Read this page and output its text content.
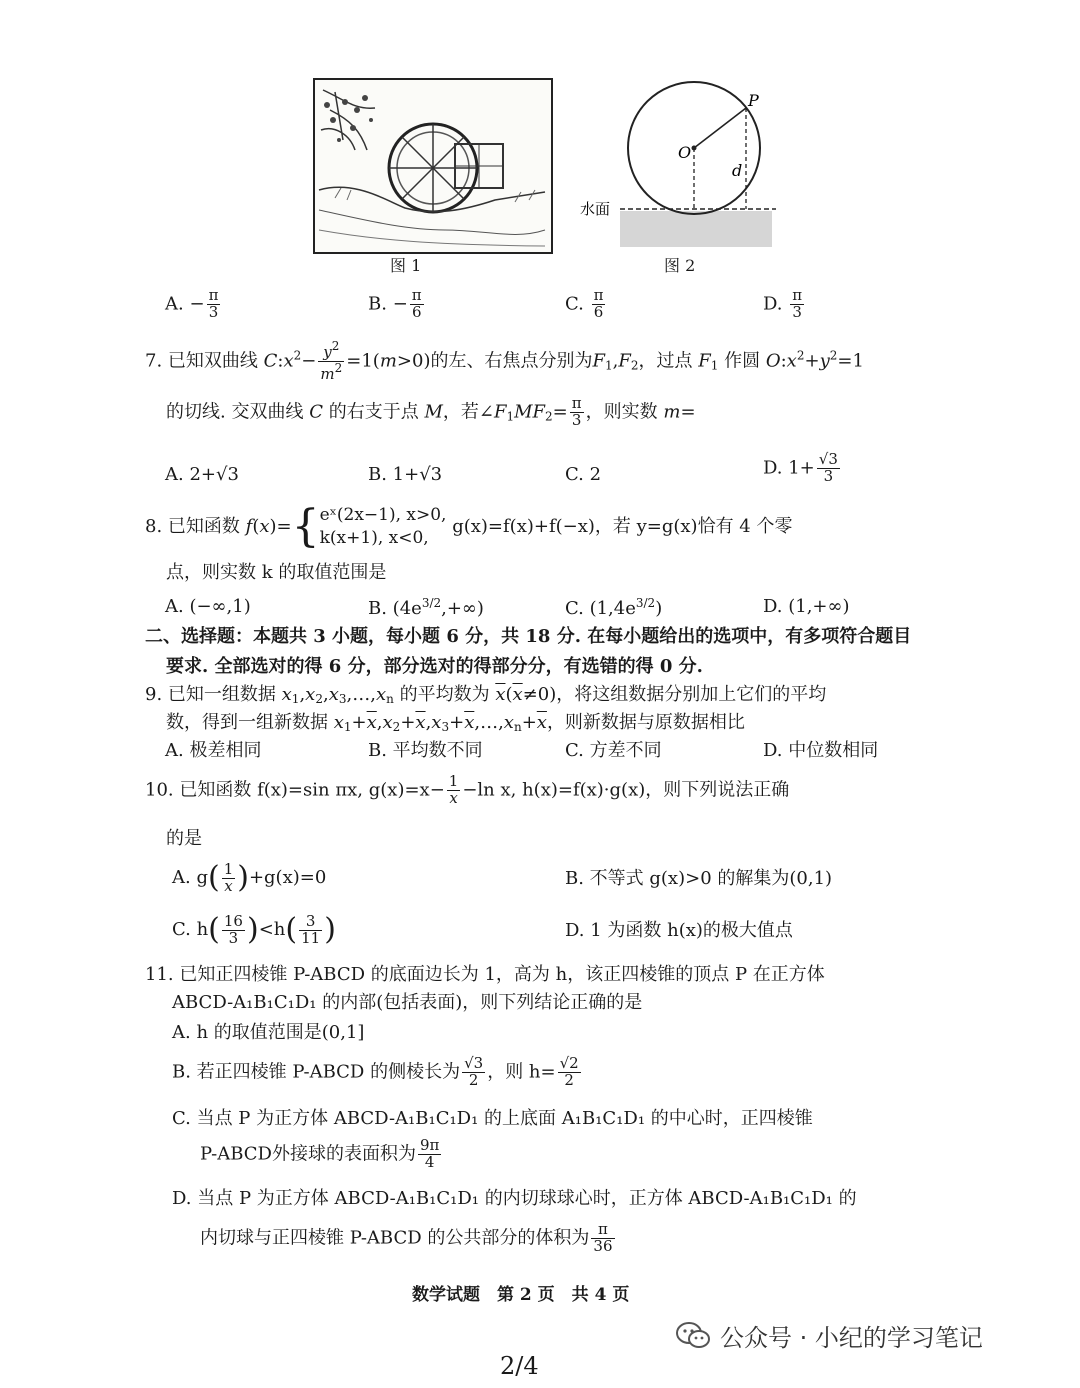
图 1
O
P
d
水面
图 2
A. − $\frac{\pi}{3}$	B. − $\frac{\pi}{6}$	C. $\frac{\pi}{6}$	D. $\frac{\pi}{3}$
7. 已知双曲线 $C:x^2- \frac{y^2}{m^2} =1(m>0)$的左、右焦点分别为$F_1,F_2$，过点 $F_1$ 作圆 $O:x^2+y^2=1$
的切线. 交双曲线 C 的右支于点 M，若$\angle F_1MF_2= \frac{\pi}{3}$ ，则实数 m=
A. 2+√3	B. 1+√3	C. 2	D. $1+ \frac{√3}{3}$
8. 已知函数 f(x)={eˣ(2x−1), x>0,
k(x+1), x<0, g(x)=f(x)+f(−x)，若 y=g(x)恰有 4 个零
点，则实数 k 的取值范围是
A. (−∞,1)	B. $(4e^{3/2},+\infty)$	C. $(1,4e^{3/2})$	D. (1,+∞)
二、选择题：本题共 3 小题，每小题 6 分，共 18 分. 在每小题给出的选项中，有多项符合题目
要求. 全部选对的得 6 分，部分选对的得部分分，有选错的得 0 分.
9. 已知一组数据 $x_1,x_2,x_3,\dots,x_n$ 的平均数为 $\overline{x}(\overline{x}\ne 0)$，将这组数据分别加上它们的平均
数，得到一组新数据 $x_1+\overline{x},x_2+\overline{x},x_3+\overline{x},\dots,x_n+\overline{x}$，则新数据与原数据相比
A. 极差相同	B. 平均数不同	C. 方差不同	D. 中位数相同
10. 已知函数 f(x)=sin πx, $g(x)=x- \frac{1}{x} -\ln$ x, h(x)=f(x)·g(x)，则下列说法正确
的是
A. $g( \frac{1}{x} )+g(x)=0$	B. 不等式 g(x)>0 的解集为(0,1)
C. $h( \frac{16}{3} )<h( \frac{3}{11}$ )	D. 1 为函数 h(x)的极大值点
11. 已知正四棱锥 P-ABCD 的底面边长为 1，高为 h，该正四棱锥的顶点 P 在正方体
ABCD-A₁B₁C₁D₁ 的内部(包括表面)，则下列结论正确的是
A. h 的取值范围是(0,1]
B. 若正四棱锥 P-ABCD 的侧棱长为 $\frac{√3}{2}$ ，则 $h= \frac{√2}{2}$
C. 当点 P 为正方体 ABCD-A₁B₁C₁D₁ 的上底面 A₁B₁C₁D₁ 的中心时，正四棱锥
P-ABCD外接球的表面积为 $\frac{9\pi}{4}$
D. 当点 P 为正方体 ABCD-A₁B₁C₁D₁ 的内切球球心时，正方体 ABCD-A₁B₁C₁D₁ 的
内切球与正四棱锥 P-ABCD 的公共部分的体积为 $\frac{\pi}{36}$
数学试题　第 2 页　共 4 页
公众号 · 小纪的学习笔记
2/4
